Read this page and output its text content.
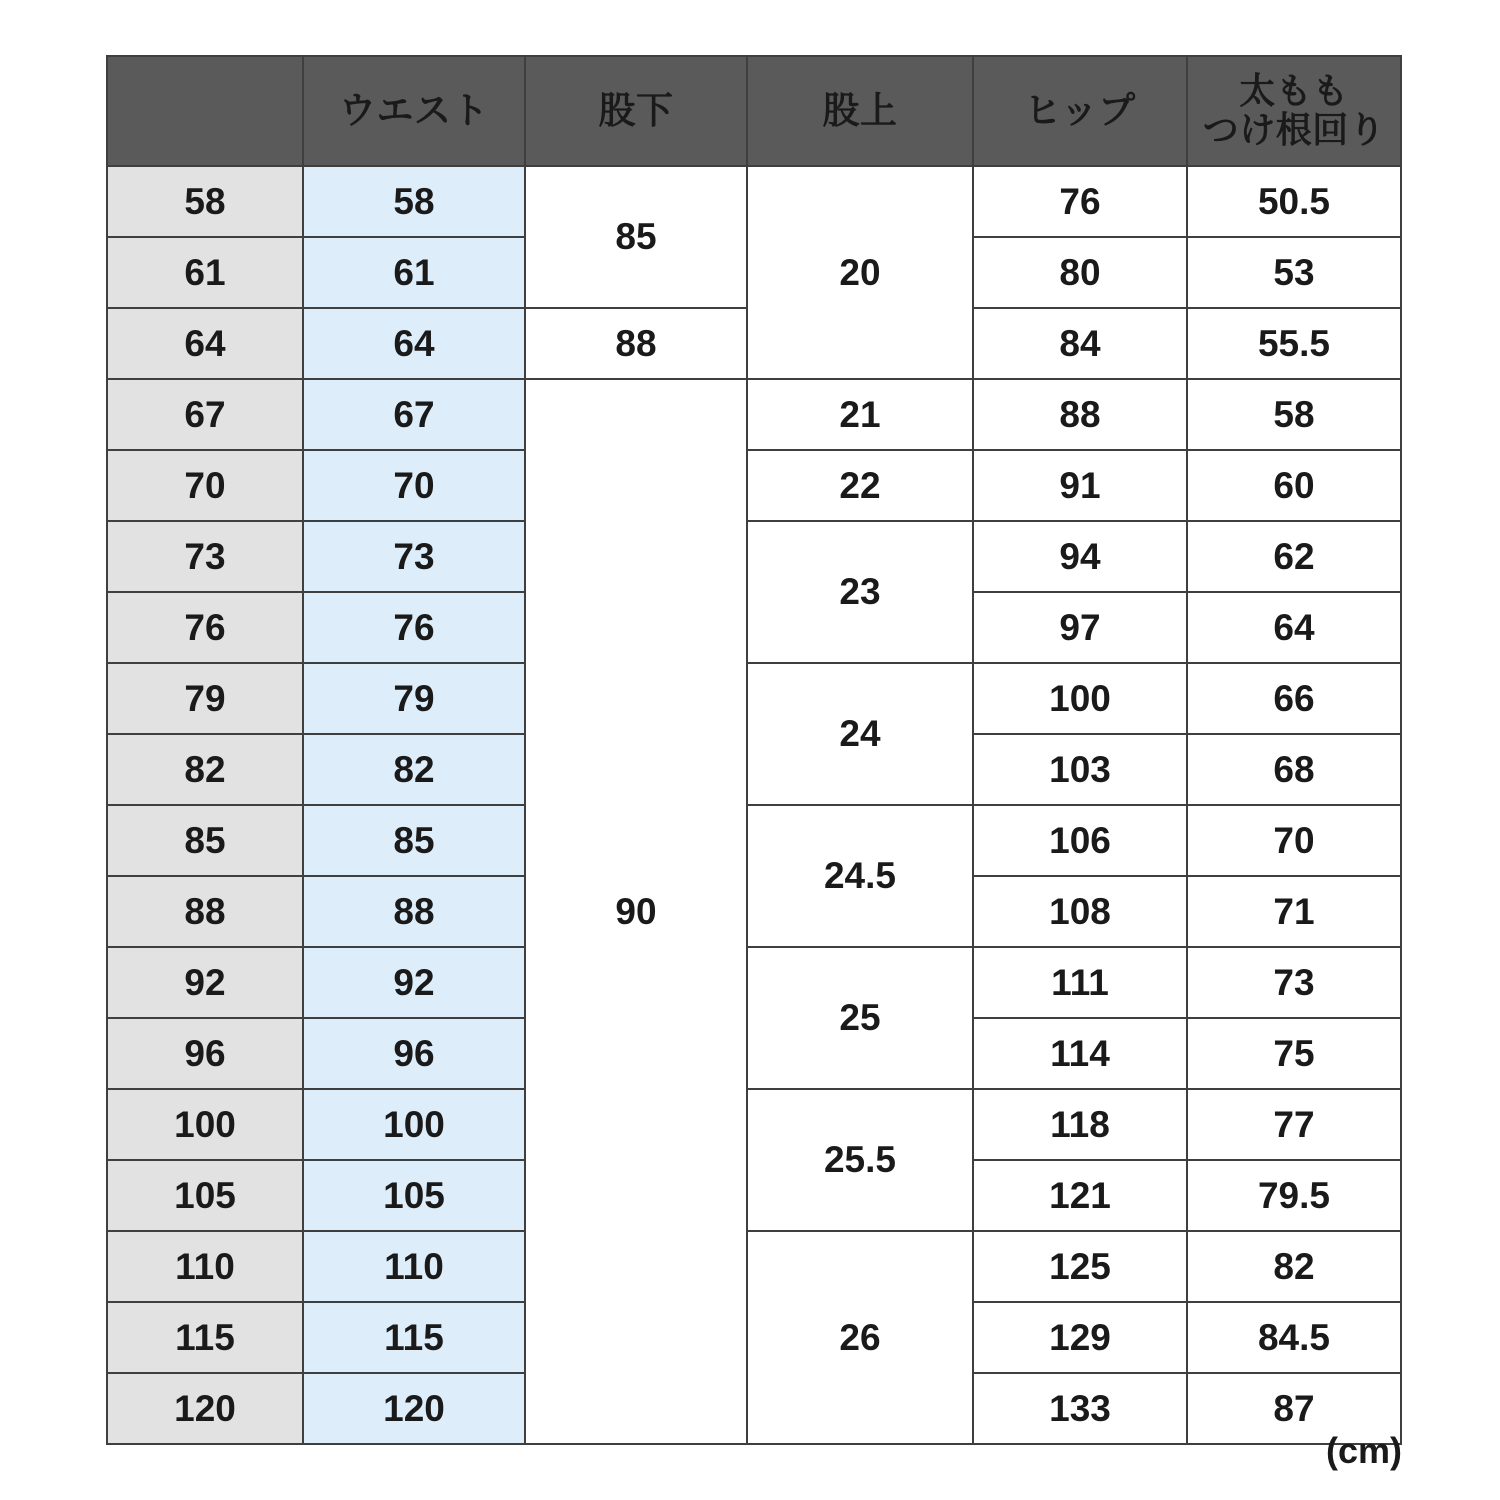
	ウエスト	股下	股上	ヒップ	太もも
つけ根回り

58	58	85	20	76	50.5
61	61			80	53
64	64	88		84	55.5
67	67	90	21	88	58
70	70		22	91	60
73	73		23	94	62
76	76			97	64
79	79		24	100	66
82	82			103	68
85	85		24.5	106	70
88	88			108	71
92	92		25	111	73
96	96			114	75
100	100		25.5	118	77
105	105			121	79.5
110	110		26	125	82
115	115			129	84.5
120	120			133	87
(cm)
